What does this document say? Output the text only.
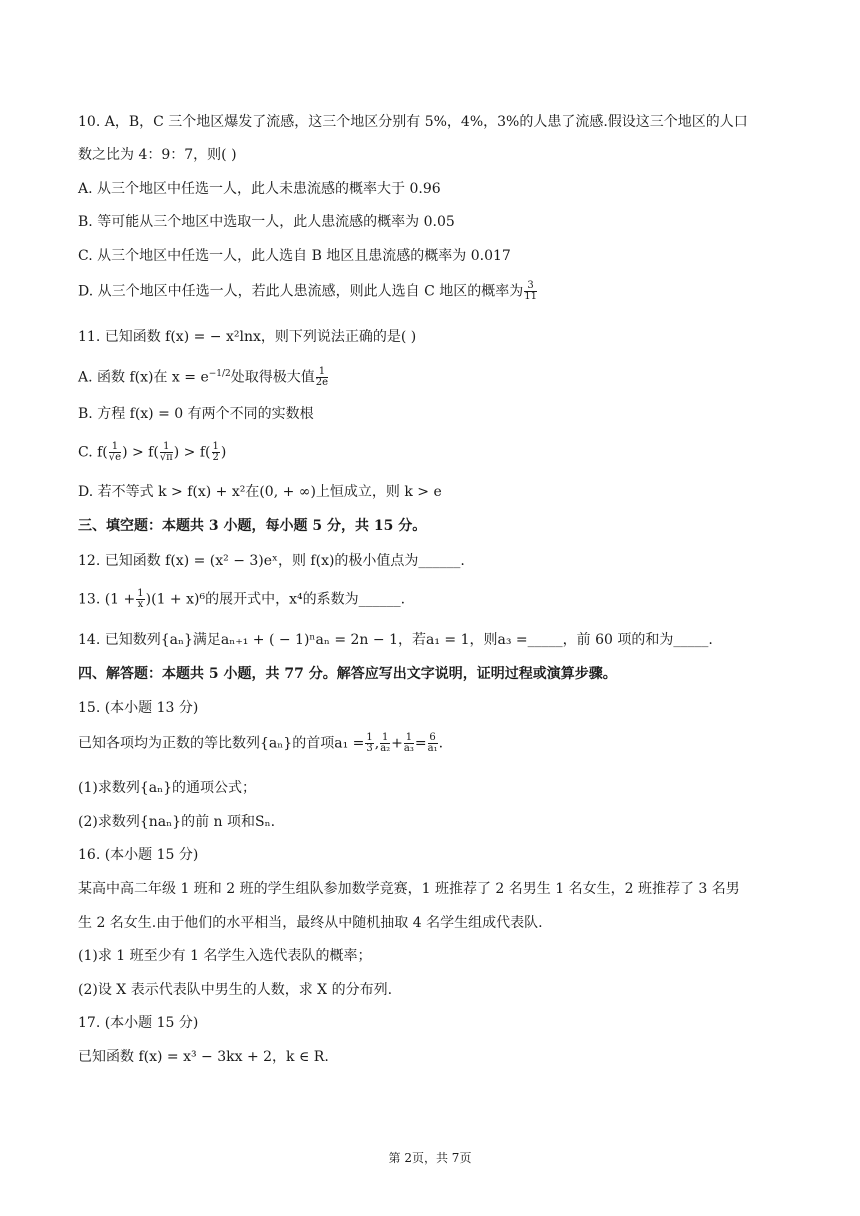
10. A，B，C 三个地区爆发了流感，这三个地区分别有 5%，4%，3%的人患了流感.假设这三个地区的人口
数之比为 4：9：7，则( )
A. 从三个地区中任选一人，此人未患流感的概率大于 0.96
B. 等可能从三个地区中选取一人，此人患流感的概率为 0.05
C. 从三个地区中任选一人，此人选自 B 地区且患流感的概率为 0.017
D. 从三个地区中任选一人，若此人患流感，则此人选自 C 地区的概率为 $\frac{3}{11}$
11. 已知函数 f(x) = − x²lnx，则下列说法正确的是( )
A. 函数 f(x)在 $x = e^{-1/2}$处取得极大值 $\frac{1}{2e}$
B. 方程 f(x) = 0 有两个不同的实数根
C. $f( \frac{1}{√e}$ ) > $f( \frac{1}{√\pi}$ ) > $f( \frac{1}{2}$ )
D. 若不等式 k > f(x) + x²在(0, + ∞)上恒成立，则 k > e
三、填空题：本题共 3 小题，每小题 5 分，共 15 分。
12. 已知函数 f(x) = (x² − 3)eˣ，则 f(x)的极小值点为______.
13. $(1 + \frac{1}{x} )(1 + x)^6$的展开式中，x⁴的系数为______.
14. 已知数列{aₙ}满足aₙ₊₁ + ( − 1)ⁿaₙ = 2n − 1，若a₁ = 1，则a₃ =_____，前 60 项的和为_____.
四、解答题：本题共 5 小题，共 77 分。解答应写出文字说明，证明过程或演算步骤。
15. (本小题 13 分)
已知各项均为正数的等比数列{aₙ}的首项$a_1 = \frac{1}{3}$ , $\frac{1}{\text{a₂}} + \frac{1}{\text{a₃}} = \frac{6}{\text{a₁}}$ .
(1)求数列{aₙ}的通项公式；
(2)求数列{naₙ}的前 n 项和Sₙ.
16. (本小题 15 分)
某高中高二年级 1 班和 2 班的学生组队参加数学竞赛，1 班推荐了 2 名男生 1 名女生，2 班推荐了 3 名男
生 2 名女生.由于他们的水平相当，最终从中随机抽取 4 名学生组成代表队.
(1)求 1 班至少有 1 名学生入选代表队的概率；
(2)设 X 表示代表队中男生的人数，求 X 的分布列.
17. (本小题 15 分)
已知函数 f(x) = x³ − 3kx + 2，k ∈ R.
第 2页，共 7页
